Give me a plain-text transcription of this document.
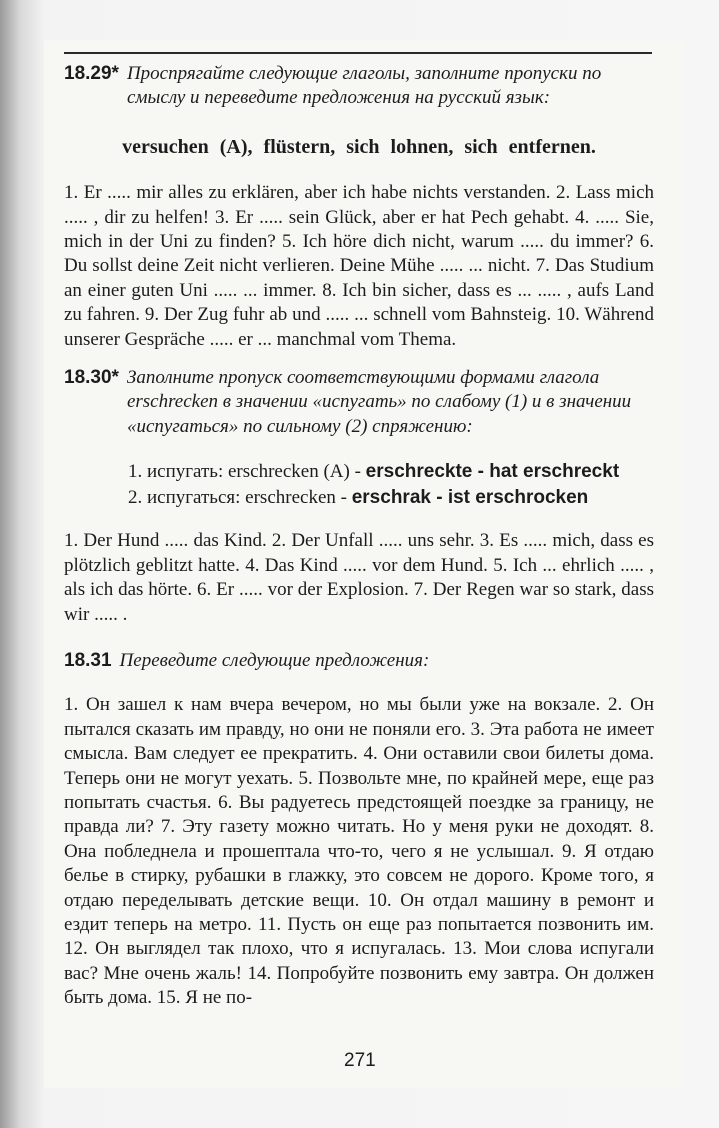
18.29* Проспрягайте следующие глаголы, заполните пропуски по смыслу и переведите предложения на русский язык:
versuchen (A), flüstern, sich lohnen, sich entfernen.

1. Er ..... mir alles zu erklären, aber ich habe nichts verstanden. 2. Lass mich ..... , dir zu helfen! 3. Er ..... sein Glück, aber er hat Pech gehabt. 4. ..... Sie, mich in der Uni zu finden? 5. Ich höre dich nicht, warum ..... du immer? 6. Du sollst deine Zeit nicht verlieren. Deine Mühe ..... ... nicht. 7. Das Studium an einer guten Uni ..... ... immer. 8. Ich bin sicher, dass es ... ..... , aufs Land zu fahren. 9. Der Zug fuhr ab und ..... ... schnell vom Bahnsteig. 10. Während unserer Gespräche ..... er ... manchmal vom Thema.

18.30* Заполните пропуск соответствующими формами глагола erschrecken в значении «испугать» по слабому (1) и в значении «испугаться» по сильному (2) спряжению:
1. испугать: erschrecken (A) - erschreckte - hat erschreckt
2. испугаться: erschrecken - erschrak - ist erschrocken

1. Der Hund ..... das Kind. 2. Der Unfall ..... uns sehr. 3. Es ..... mich, dass es plötzlich geblitzt hatte. 4. Das Kind ..... vor dem Hund. 5. Ich ... ehrlich ..... , als ich das hörte. 6. Er ..... vor der Explosion. 7. Der Regen war so stark, dass wir ..... .

18.31 Переведите следующие предложения:

1. Он зашел к нам вчера вечером, но мы были уже на вокзале. 2. Он пытался сказать им правду, но они не поняли его. 3. Эта работа не имеет смысла. Вам следует ее прекратить. 4. Они оставили свои билеты дома. Теперь они не могут уехать. 5. Позвольте мне, по крайней мере, еще раз попытать счастья. 6. Вы радуетесь предстоящей поездке за границу, не правда ли? 7. Эту газету можно читать. Но у меня руки не доходят. 8. Она побледнела и прошептала что-то, чего я не услышал. 9. Я отдаю белье в стирку, рубашки в глажку, это совсем не дорого. Кроме того, я отдаю переделывать детские вещи. 10. Он отдал машину в ремонт и ездит теперь на метро. 11. Пусть он еще раз попытается позвонить им. 12. Он выглядел так плохо, что я испугалась. 13. Мои слова испугали вас? Мне очень жаль! 14. Попробуйте позвонить ему завтра. Он должен быть дома. 15. Я не по-

271
